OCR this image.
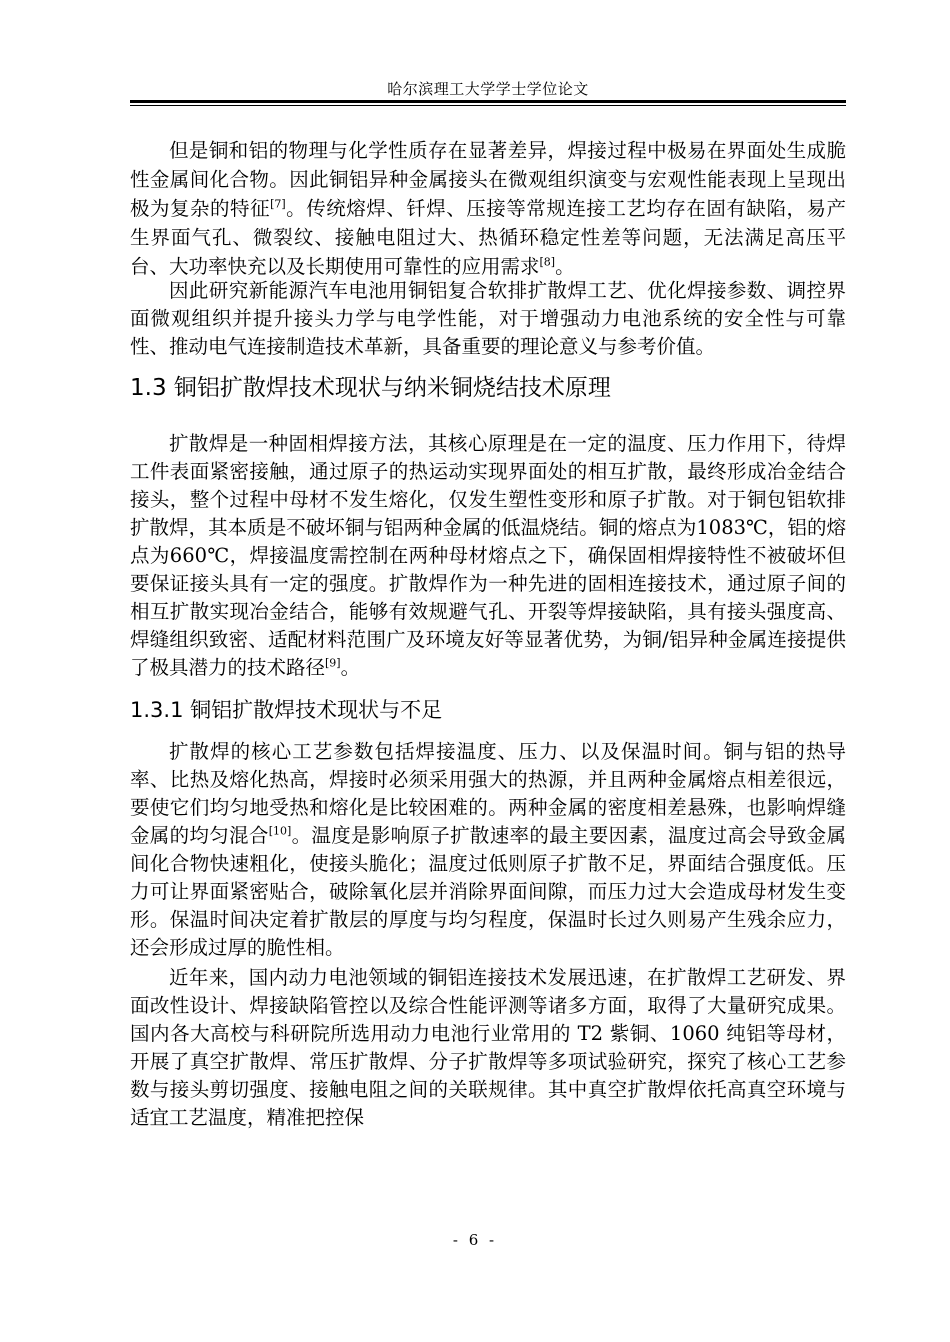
哈尔滨理工大学学士学位论文

但是铜和铝的物理与化学性质存在显著差异，焊接过程中极易在界面处生成脆性金属间化合物。因此铜铝异种金属接头在微观组织演变与宏观性能表现上呈现出极为复杂的特征[7]。传统熔焊、钎焊、压接等常规连接工艺均存在固有缺陷，易产生界面气孔、微裂纹、接触电阻过大、热循环稳定性差等问题，无法满足高压平台、大功率快充以及长期使用可靠性的应用需求[8]。

因此研究新能源汽车电池用铜铝复合软排扩散焊工艺、优化焊接参数、调控界面微观组织并提升接头力学与电学性能，对于增强动力电池系统的安全性与可靠性、推动电气连接制造技术革新，具备重要的理论意义与参考价值。

1.3 铜铝扩散焊技术现状与纳米铜烧结技术原理

扩散焊是一种固相焊接方法，其核心原理是在一定的温度、压力作用下，待焊工件表面紧密接触，通过原子的热运动实现界面处的相互扩散，最终形成冶金结合接头，整个过程中母材不发生熔化，仅发生塑性变形和原子扩散。对于铜包铝软排扩散焊，其本质是不破坏铜与铝两种金属的低温烧结。铜的熔点为1083℃，铝的熔点为660℃，焊接温度需控制在两种母材熔点之下，确保固相焊接特性不被破坏但要保证接头具有一定的强度。扩散焊作为一种先进的固相连接技术，通过原子间的相互扩散实现冶金结合，能够有效规避气孔、开裂等焊接缺陷，具有接头强度高、焊缝组织致密、适配材料范围广及环境友好等显著优势，为铜/铝异种金属连接提供了极具潜力的技术路径[9]。

1.3.1 铜铝扩散焊技术现状与不足

扩散焊的核心工艺参数包括焊接温度、压力、以及保温时间。铜与铝的热导率、比热及熔化热高，焊接时必须采用强大的热源，并且两种金属熔点相差很远，要使它们均匀地受热和熔化是比较困难的。两种金属的密度相差悬殊，也影响焊缝金属的均匀混合[10]。温度是影响原子扩散速率的最主要因素，温度过高会导致金属间化合物快速粗化，使接头脆化；温度过低则原子扩散不足，界面结合强度低。压力可让界面紧密贴合，破除氧化层并消除界面间隙，而压力过大会造成母材发生变形。保温时间决定着扩散层的厚度与均匀程度，保温时长过久则易产生残余应力，还会形成过厚的脆性相。

近年来，国内动力电池领域的铜铝连接技术发展迅速，在扩散焊工艺研发、界面改性设计、焊接缺陷管控以及综合性能评测等诸多方面，取得了大量研究成果。国内各大高校与科研院所选用动力电池行业常用的 T2 紫铜、1060 纯铝等母材，开展了真空扩散焊、常压扩散焊、分子扩散焊等多项试验研究，探究了核心工艺参数与接头剪切强度、接触电阻之间的关联规律。其中真空扩散焊依托高真空环境与适宜工艺温度，精准把控保

- 6 -
